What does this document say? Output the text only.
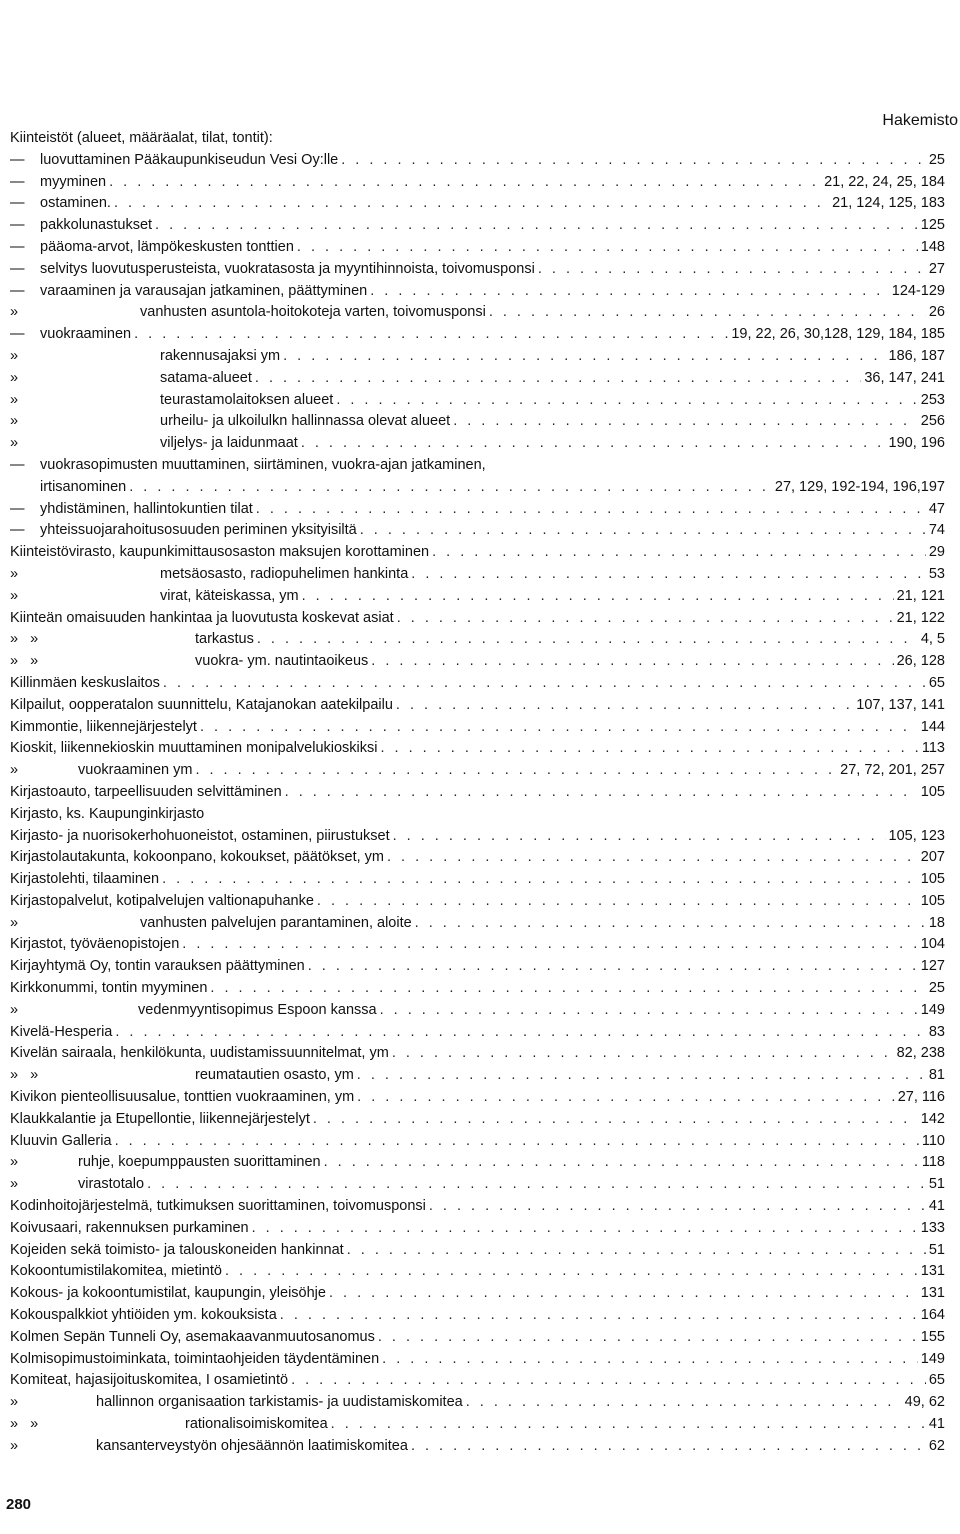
Hakemisto
Kiinteistöt (alueet, määräalat, tilat, tontit):
— luovuttaminen Pääkaupunkiseudun Vesi Oy:lle . . .	25
— myyminen . . .	21, 22, 24, 25, 184
— ostaminen. . . .	21, 124, 125, 183
— pakkolunastukset . . .	125
— pääoma-arvot, lämpökeskusten tonttien . . .	148
— selvitys luovutusperusteista, vuokratasosta ja myyntihinnoista, toivomusponsi . . .	27
— varaaminen ja varausajan jatkaminen, päättyminen . . .	124-129
»	vanhusten asuntola-hoitokoteja varten, toivomusponsi . . .	26
— vuokraaminen . . .	19, 22, 26, 30,128, 129, 184, 185
»	rakennusajaksi ym . . .	186, 187
»	satama-alueet . . .	36, 147, 241
»	teurastamolaitoksen alueet . . .	253
»	urheilu- ja ulkoilulkn hallinnassa olevat alueet . . .	256
»	viljelys- ja laidunmaat . . .	190, 196
— vuokrasopimusten muuttaminen, siirtäminen, vuokra-ajan jatkaminen,
irtisanominen . . .	27, 129, 192-194, 196,197
— yhdistäminen, hallintokuntien tilat . . .	47
— yhteissuojarahoitusosuuden periminen yksityisiltä . . .	74
Kiinteistövirasto, kaupunkimittausosaston maksujen korottaminen . . .	29
»	metsäosasto, radiopuhelimen hankinta . . .	53
»	virat, käteiskassa, ym . . .	21, 121
Kiinteän omaisuuden hankintaa ja luovutusta koskevat asiat . . .	21, 122
»   »	tarkastus . . .	4, 5
»   »	vuokra- ym. nautintaoikeus . . .	26, 128
Killinmäen keskuslaitos . . .	65
Kilpailut, oopperatalon suunnittelu, Katajanokan aatekilpailu . . .	107, 137, 141
Kimmontie, liikennejärjestelyt . . .	144
Kioskit, liikennekioskin muuttaminen monipalvelukioskiksi . . .	113
»	vuokraaminen ym . . .	27, 72, 201, 257
Kirjastoauto, tarpeellisuuden selvittäminen . . .	105
Kirjasto, ks. Kaupunginkirjasto
Kirjasto- ja nuorisokerhohuoneistot, ostaminen, piirustukset . . .	105, 123
Kirjastolautakunta, kokoonpano, kokoukset, päätökset, ym . . .	207
Kirjastolehti, tilaaminen . . .	105
Kirjastopalvelut, kotipalvelujen valtionapuhanke . . .	105
»	vanhusten palvelujen parantaminen, aloite . . .	18
Kirjastot, työväenopistojen . . .	104
Kirjayhtymä Oy, tontin varauksen päättyminen . . .	127
Kirkkonummi, tontin myyminen . . .	25
»	vedenmyyntisopimus Espoon kanssa . . .	149
Kivelä-Hesperia . . .	83
Kivelän sairaala, henkilökunta, uudistamissuunnitelmat, ym . . .	82, 238
»   »	reumatautien osasto, ym . . .	81
Kivikon pienteollisuusalue, tonttien vuokraaminen, ym . . .	27, 116
Klaukkalantie ja Etupellontie, liikennejärjestelyt . . .	142
Kluuvin Galleria . . .	110
»	ruhje, koepumppausten suorittaminen . . .	118
»	virastotalo . . .	51
Kodinhoitojärjestelmä, tutkimuksen suorittaminen, toivomusponsi . . .	41
Koivusaari, rakennuksen purkaminen . . .	133
Kojeiden sekä toimisto- ja talouskoneiden hankinnat . . .	51
Kokoontumistilakomitea, mietintö . . .	131
Kokous- ja kokoontumistilat, kaupungin, yleisöhje . . .	131
Kokouspalkkiot yhtiöiden ym. kokouksista . . .	164
Kolmen Sepän Tunneli Oy, asemakaavanmuutosanomus . . .	155
Kolmisopimustoiminkata, toimintaohjeiden täydentäminen . . .	149
Komiteat, hajasijoituskomitea, I osamietintö . . .	65
»	hallinnon organisaation tarkistamis- ja uudistamiskomitea . . .	49, 62
»   »	rationalisoimiskomitea . . .	41
»	kansanterveystyön ohjesäännön laatimiskomitea . . .	62
280
